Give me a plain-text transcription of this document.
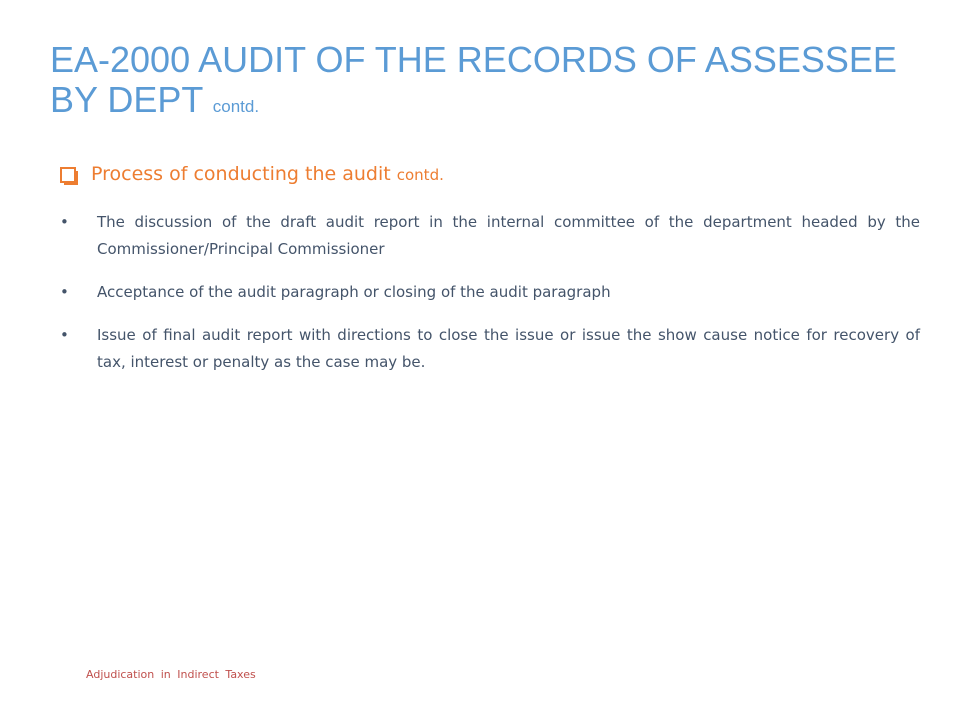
EA-2000 AUDIT OF THE RECORDS OF ASSESSEE BY DEPT contd.
Process of conducting the audit contd.
•	The discussion of the draft audit report in the internal committee of the department headed by the Commissioner/Principal Commissioner
•	Acceptance of the audit paragraph or closing of the audit paragraph
•	Issue of final audit report with directions to close the issue or issue the show cause notice for recovery of tax, interest or penalty as the case may be.
Adjudication in Indirect Taxes
